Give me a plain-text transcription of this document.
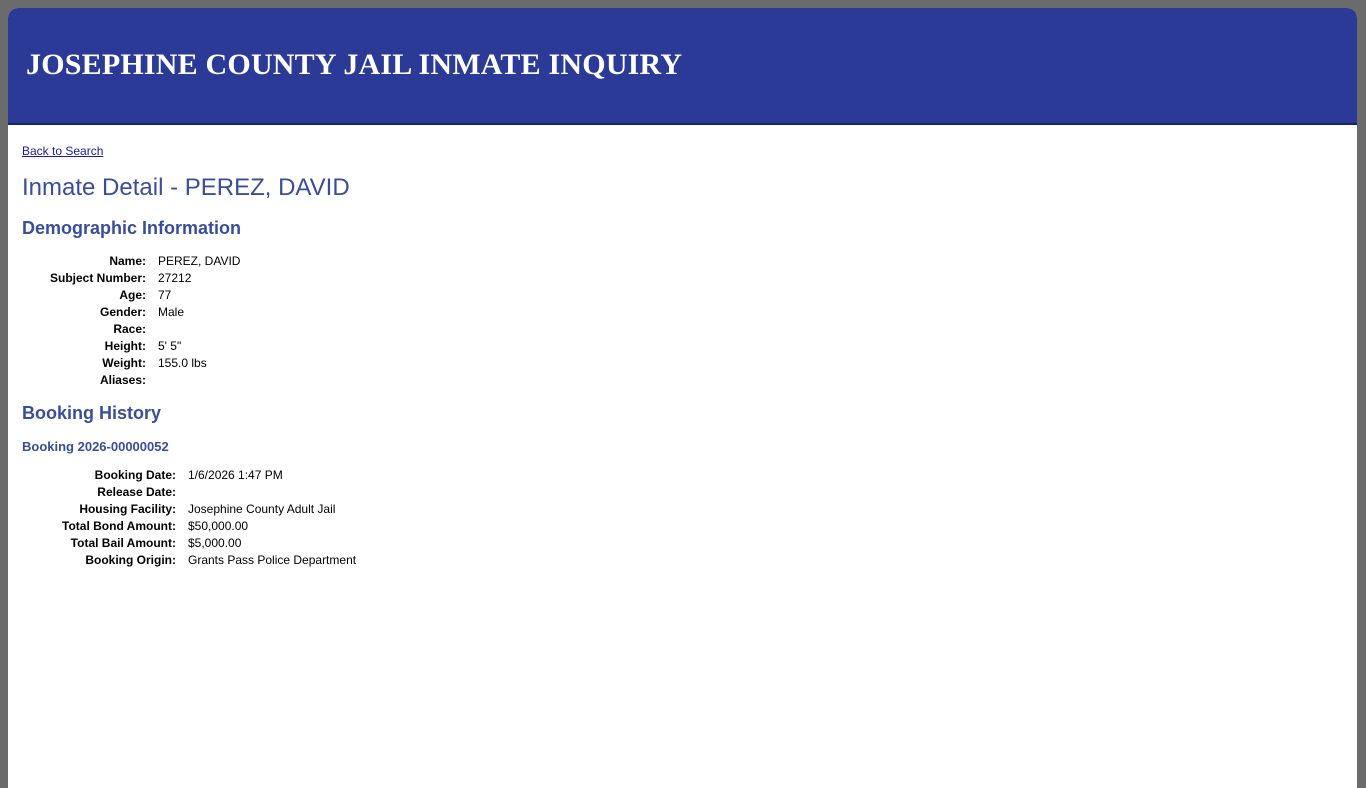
JOSEPHINE COUNTY JAIL INMATE INQUIRY
Back to Search
Inmate Detail - PEREZ, DAVID
Demographic Information
Name:	PEREZ, DAVID
Subject Number:	27212
Age:	77
Gender:	Male
Race:	
Height:	5' 5"
Weight:	155.0 lbs
Aliases:	
Booking History
Booking 2026-00000052
Booking Date:	1/6/2026 1:47 PM
Release Date:	
Housing Facility:	Josephine County Adult Jail
Total Bond Amount:	$50,000.00
Total Bail Amount:	$5,000.00
Booking Origin:	Grants Pass Police Department
